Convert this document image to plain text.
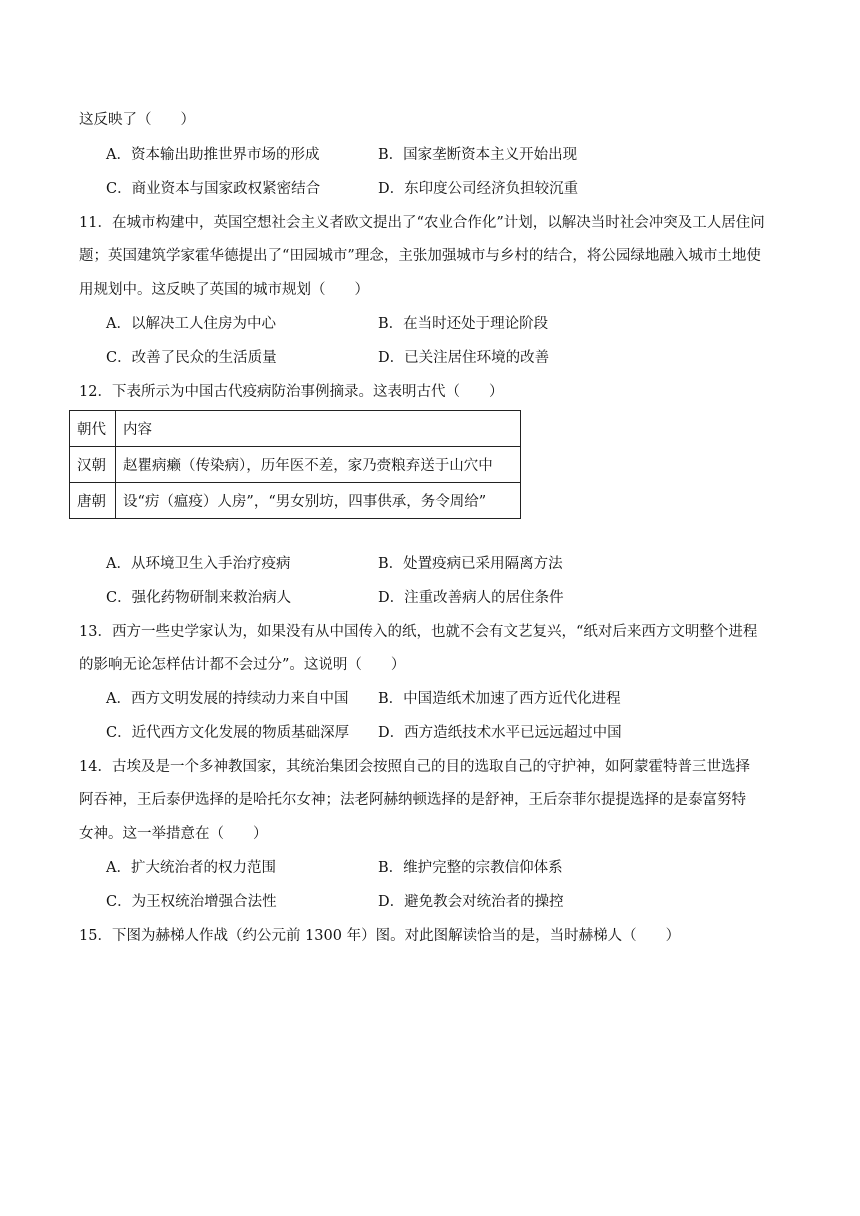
这反映了（　　）
A．资本输出助推世界市场的形成	B．国家垄断资本主义开始出现
C．商业资本与国家政权紧密结合	D．东印度公司经济负担较沉重
11．在城市构建中，英国空想社会主义者欧文提出了“农业合作化”计划，以解决当时社会冲突及工人居住问
题；英国建筑学家霍华德提出了“田园城市”理念，主张加强城市与乡村的结合，将公园绿地融入城市土地使
用规划中。这反映了英国的城市规划（　　）
A．以解决工人住房为中心	B．在当时还处于理论阶段
C．改善了民众的生活质量	D．已关注居住环境的改善
12．下表所示为中国古代疫病防治事例摘录。这表明古代（　　）
朝代	内容
汉朝	赵瞿病癞（传染病），历年医不差，家乃赍粮弃送于山穴中
唐朝	设“疠（瘟疫）人房”，“男女别坊，四事供承，务令周给”
A．从环境卫生入手治疗疫病	B．处置疫病已采用隔离方法
C．强化药物研制来救治病人	D．注重改善病人的居住条件
13．西方一些史学家认为，如果没有从中国传入的纸，也就不会有文艺复兴，“纸对后来西方文明整个进程
的影响无论怎样估计都不会过分”。这说明（　　）
A．西方文明发展的持续动力来自中国 B．中国造纸术加速了西方近代化进程
C．近代西方文化发展的物质基础深厚 D．西方造纸技术水平已远远超过中国
14．古埃及是一个多神教国家，其统治集团会按照自己的目的选取自己的守护神，如阿蒙霍特普三世选择
阿吞神，王后泰伊选择的是哈托尔女神；法老阿赫纳顿选择的是舒神，王后奈菲尔提提选择的是泰富努特
女神。这一举措意在（　　）
A．扩大统治者的权力范围	B．维护完整的宗教信仰体系
C．为王权统治增强合法性	D．避免教会对统治者的操控
15．下图为赫梯人作战（约公元前 1300 年）图。对此图解读恰当的是，当时赫梯人（　　）
